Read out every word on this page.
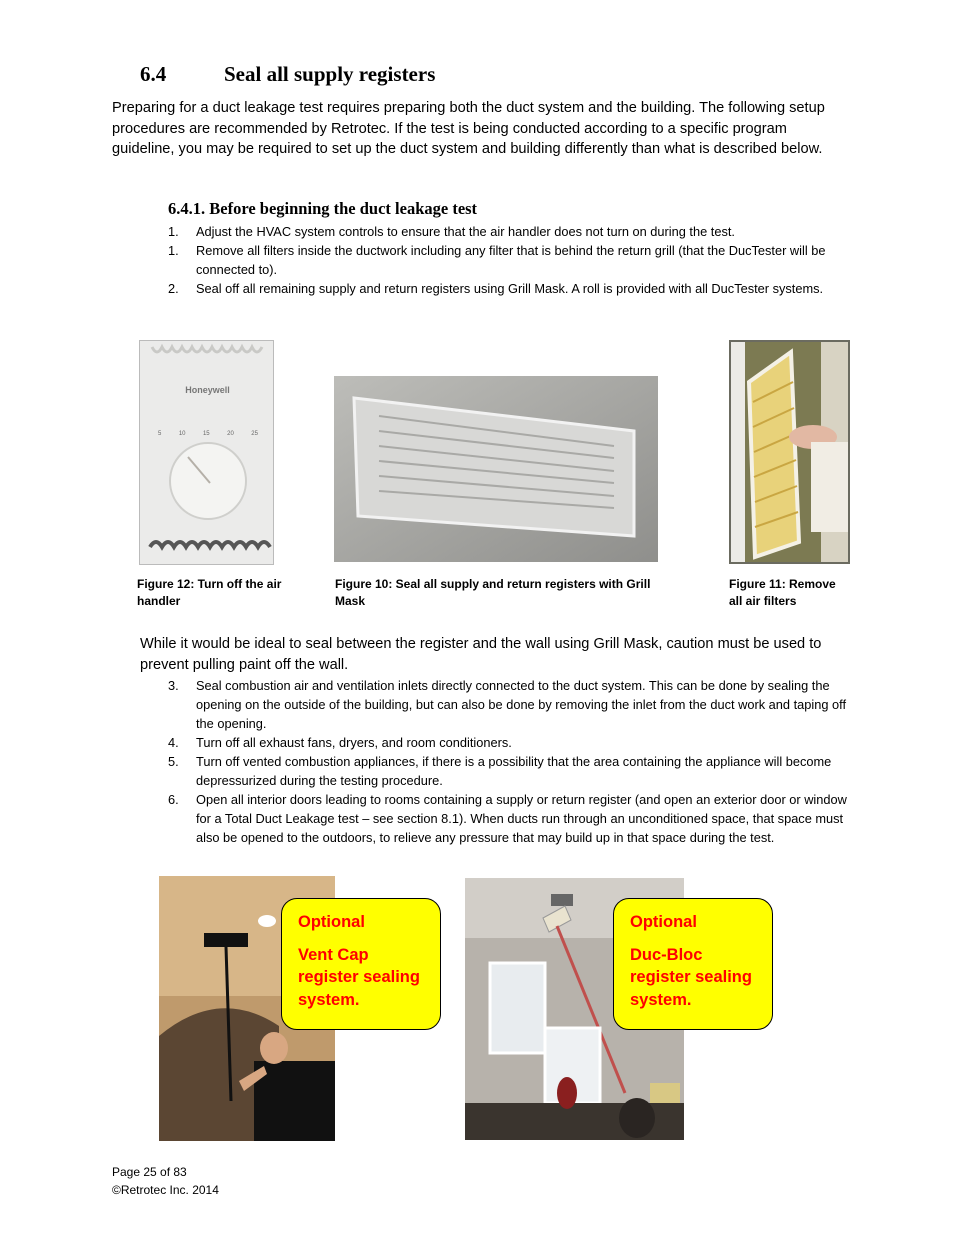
6.4	Seal all supply registers
Preparing for a duct leakage test requires preparing both the duct system and the building. The following setup procedures are recommended by Retrotec. If the test is being conducted according to a specific program guideline, you may be required to set up the duct system and building differently than what is described below.
6.4.1. Before beginning the duct leakage test
1.	Adjust the HVAC system controls to ensure that the air handler does not turn on during the test.
1.	Remove all filters inside the ductwork including any filter that is behind the return grill (that the DucTester will be connected to).
2.	Seal off all remaining supply and return registers using Grill Mask. A roll is provided with all DucTester systems.
Honeywell
5	10	15	20	25
Figure 12: Turn off the air handler
Figure 10: Seal all supply and return registers with Grill Mask
Figure 11: Remove all air filters
While it would be ideal to seal between the register and the wall using Grill Mask, caution must be used to prevent pulling paint off the wall.
3.	Seal combustion air and ventilation inlets directly connected to the duct system. This can be done by sealing the opening on the outside of the building, but can also be done by removing the inlet from the duct work and taping off the opening.
4.	Turn off all exhaust fans, dryers, and room conditioners.
5.	Turn off vented combustion appliances, if there is a possibility that the area containing the appliance will become depressurized during the testing procedure.
6.	Open all interior doors leading to rooms containing a supply or return register (and open an exterior door or window for a Total Duct Leakage test – see section 8.1). When ducts run through an unconditioned space, that space must also be opened to the outdoors, to relieve any pressure that may build up in that space during the test.
Optional
Vent Cap register sealing system.
Optional
Duc-Bloc register sealing system.
Page 25 of 83
©Retrotec Inc. 2014
